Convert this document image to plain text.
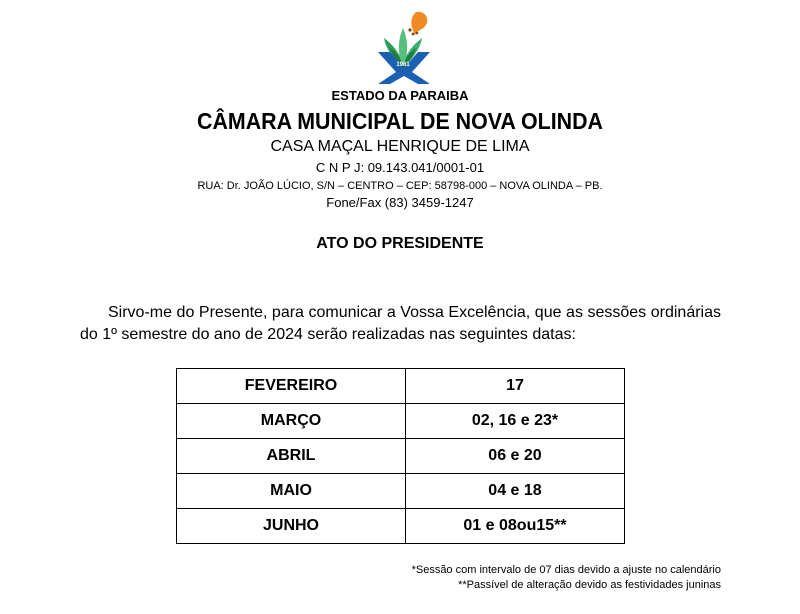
1961
ESTADO DA PARAIBA
CÂMARA MUNICIPAL DE NOVA OLINDA
CASA MAÇAL HENRIQUE DE LIMA
C N P J: 09.143.041/0001-01
RUA: Dr. JOÃO LÚCIO, S/N – CENTRO – CEP: 58798-000 – NOVA OLINDA – PB.
Fone/Fax (83) 3459-1247
ATO DO PRESIDENTE
Sirvo-me do Presente, para comunicar a Vossa Excelência, que as sessões ordinárias do 1º semestre do ano de 2024 serão realizadas nas seguintes datas:
FEVEREIRO	17
MARÇO	02, 16 e 23*
ABRIL	06 e 20
MAIO	04 e 18
JUNHO	01 e 08ou15**
*Sessão com intervalo de 07 dias devido a ajuste no calendário
**Passível de alteração devido as festividades juninas
